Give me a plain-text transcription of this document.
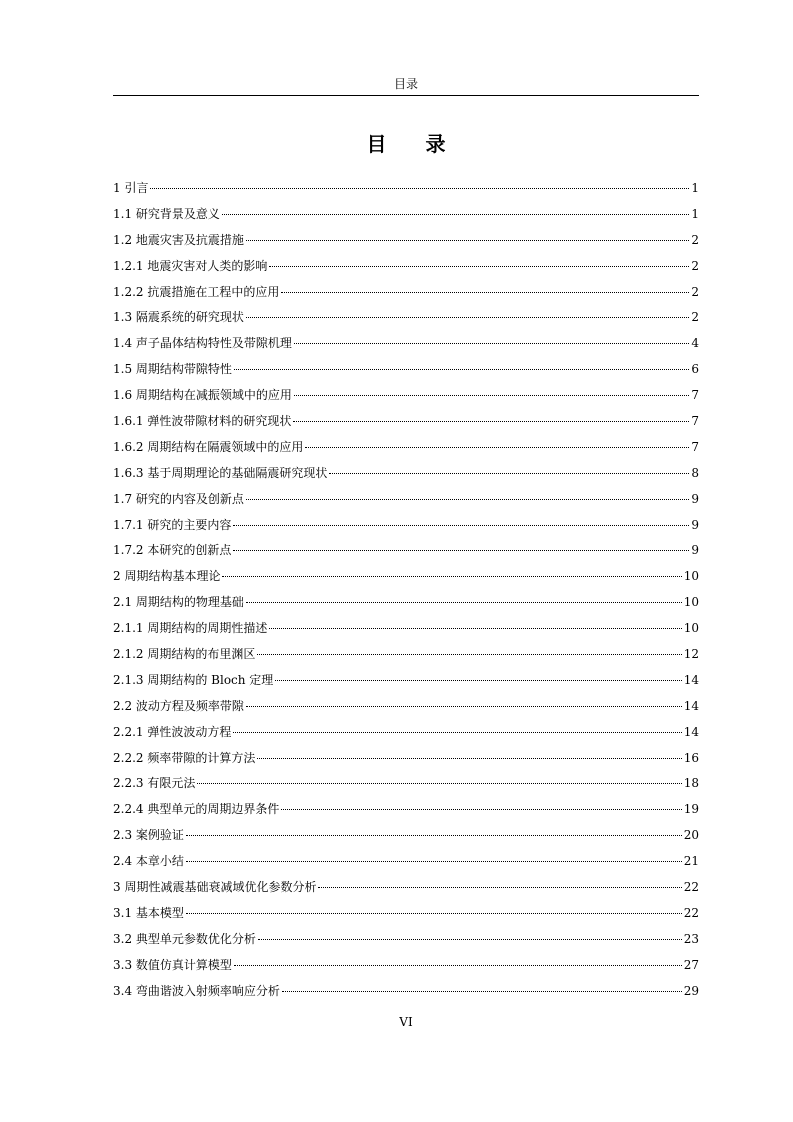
目录
目 录
1 引言	1
1.1 研究背景及意义	1
1.2 地震灾害及抗震措施	2
1.2.1 地震灾害对人类的影响	2
1.2.2 抗震措施在工程中的应用	2
1.3 隔震系统的研究现状	2
1.4 声子晶体结构特性及带隙机理	4
1.5 周期结构带隙特性	6
1.6 周期结构在减振领域中的应用	7
1.6.1 弹性波带隙材料的研究现状	7
1.6.2 周期结构在隔震领域中的应用	7
1.6.3 基于周期理论的基础隔震研究现状	8
1.7 研究的内容及创新点	9
1.7.1 研究的主要内容	9
1.7.2 本研究的创新点	9
2 周期结构基本理论	10
2.1 周期结构的物理基础	10
2.1.1 周期结构的周期性描述	10
2.1.2 周期结构的布里渊区	12
2.1.3 周期结构的 Bloch 定理	14
2.2 波动方程及频率带隙	14
2.2.1 弹性波波动方程	14
2.2.2 频率带隙的计算方法	16
2.2.3 有限元法	18
2.2.4 典型单元的周期边界条件	19
2.3 案例验证	20
2.4 本章小结	21
3 周期性减震基础衰减域优化参数分析	22
3.1 基本模型	22
3.2 典型单元参数优化分析	23
3.3 数值仿真计算模型	27
3.4 弯曲谐波入射频率响应分析	29
VI
